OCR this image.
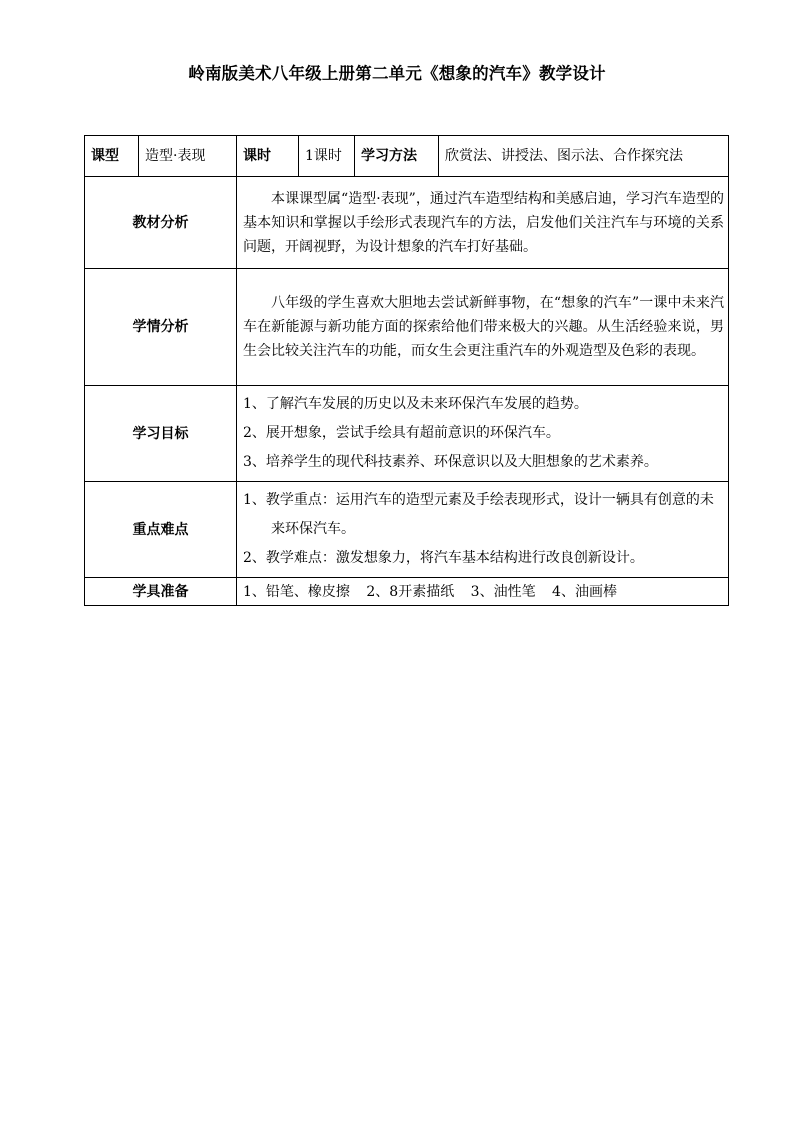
岭南版美术八年级上册第二单元《想象的汽车》教学设计
课型	造型·表现	课时	1课时	学习方法	欣赏法、讲授法、图示法、合作探究法
教材分析		本课课型属“造型·表现”，通过汽车造型结构和美感启迪，学习汽车造型的基本知识和掌握以手绘形式表现汽车的方法，启发他们关注汽车与环境的关系问题，开阔视野，为设计想象的汽车打好基础。			
学情分析		八年级的学生喜欢大胆地去尝试新鲜事物，在“想象的汽车”一课中未来汽车在新能源与新功能方面的探索给他们带来极大的兴趣。从生活经验来说，男生会比较关注汽车的功能，而女生会更注重汽车的外观造型及色彩的表现。			
学习目标		1、了解汽车发展的历史以及未来环保汽车发展的趋势。
2、展开想象，尝试手绘具有超前意识的环保汽车。
3、培养学生的现代科技素养、环保意识以及大胆想象的艺术素养。			

重点难点		1、教学重点：运用汽车的造型元素及手绘表现形式，设计一辆具有创意的未来环保汽车。
2、教学难点：激发想象力，将汽车基本结构进行改良创新设计。			

学具准备		1、铅笔、橡皮擦 2、8开素描纸 3、油性笔 4、油画棒			
